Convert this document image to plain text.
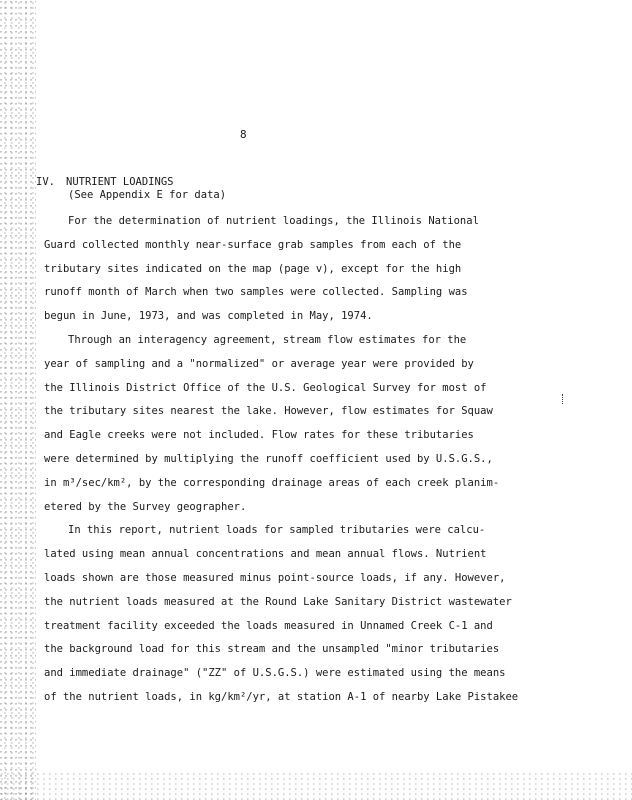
8
IV. NUTRIENT LOADINGS
(See Appendix E for data)
For the determination of nutrient loadings, the Illinois National
Guard collected monthly near-surface grab samples from each of the
tributary sites indicated on the map (page v), except for the high
runoff month of March when two samples were collected. Sampling was
begun in June, 1973, and was completed in May, 1974.
Through an interagency agreement, stream flow estimates for the
year of sampling and a "normalized" or average year were provided by
the Illinois District Office of the U.S. Geological Survey for most of
the tributary sites nearest the lake. However, flow estimates for Squaw
and Eagle creeks were not included. Flow rates for these tributaries
were determined by multiplying the runoff coefficient used by U.S.G.S.,
in m³/sec/km², by the corresponding drainage areas of each creek planim-
etered by the Survey geographer.
In this report, nutrient loads for sampled tributaries were calcu-
lated using mean annual concentrations and mean annual flows. Nutrient
loads shown are those measured minus point-source loads, if any. However,
the nutrient loads measured at the Round Lake Sanitary District wastewater
treatment facility exceeded the loads measured in Unnamed Creek C-1 and
the background load for this stream and the unsampled "minor tributaries
and immediate drainage" ("ZZ" of U.S.G.S.) were estimated using the means
of the nutrient loads, in kg/km²/yr, at station A-1 of nearby Lake Pistakee
